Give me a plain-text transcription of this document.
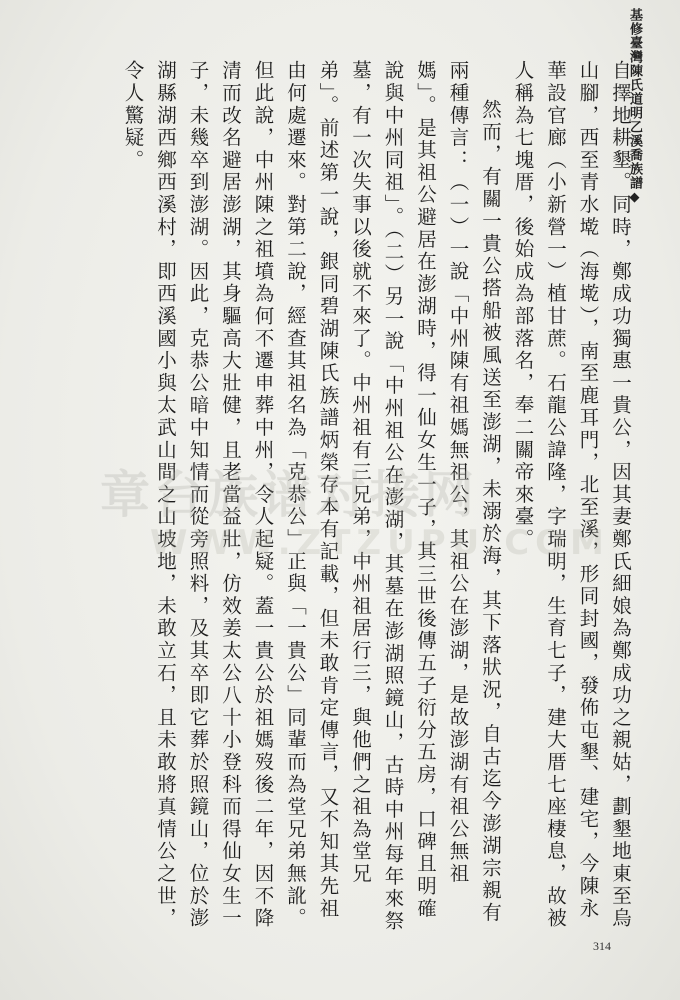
基修臺灣陳氏道明乙溪喬族譜◆

自擇地耕墾。同時，鄭成功獨惠一貴公，因其妻鄭氏細娘為鄭成功之親姑，劃墾地東至烏山腳，西至青水墘（海墘），南至鹿耳門，北至溪，形同封國，發佈屯墾、建宅，今陳永華設官廊（小新營一）植甘蔗。石龍公諱隆，字瑞明，生育七子，建大厝七座棲息，故被人稱為七塊厝，後始成為部落名，奉二關帝來臺。

然而，有關一貴公搭船被風送至澎湖，未溺於海，其下落狀況，自古迄今澎湖宗親有兩種傳言：（一）一說「中州陳有祖媽無祖公，其祖公在澎湖，是故澎湖有祖公無祖媽」。是其祖公避居在澎湖時，得一仙女生一子，其三世後傳五子衍分五房，口碑且明確說與中州同祖」。（二）另一說「中州祖公在澎湖，其墓在澎湖照鏡山，古時中州每年來祭墓，有一次失事以後就不來了。中州祖有三兄弟，中州祖居行三，與他們之祖為堂兄弟」。前述第一說，銀同碧湖陳氏族譜炳榮存本有記載，但未敢肯定傳言，又不知其先祖由何處遷來。對第二說，經查其祖名為「克恭公」正與「一貴公」同輩而為堂兄弟無訛。但此說，中州陳之祖墳為何不遷申葬中州，令人起疑。蓋一貴公於祖媽歿後二年，因不降清而改名避居澎湖，其身驅高大壯健，且老當益壯，仿效姜太公八十小登科而得仙女生一子，未幾卒到澎湖。因此，克恭公暗中知情而從旁照料，及其卒即它葬於照鏡山，位於澎湖縣湖西鄉西溪村，即西溪國小與太武山間之山坡地，未敢立石，且未敢將真情公之世，令人驚疑。

章台族谱对接网
WWW.ZTZUPU.COM
314
